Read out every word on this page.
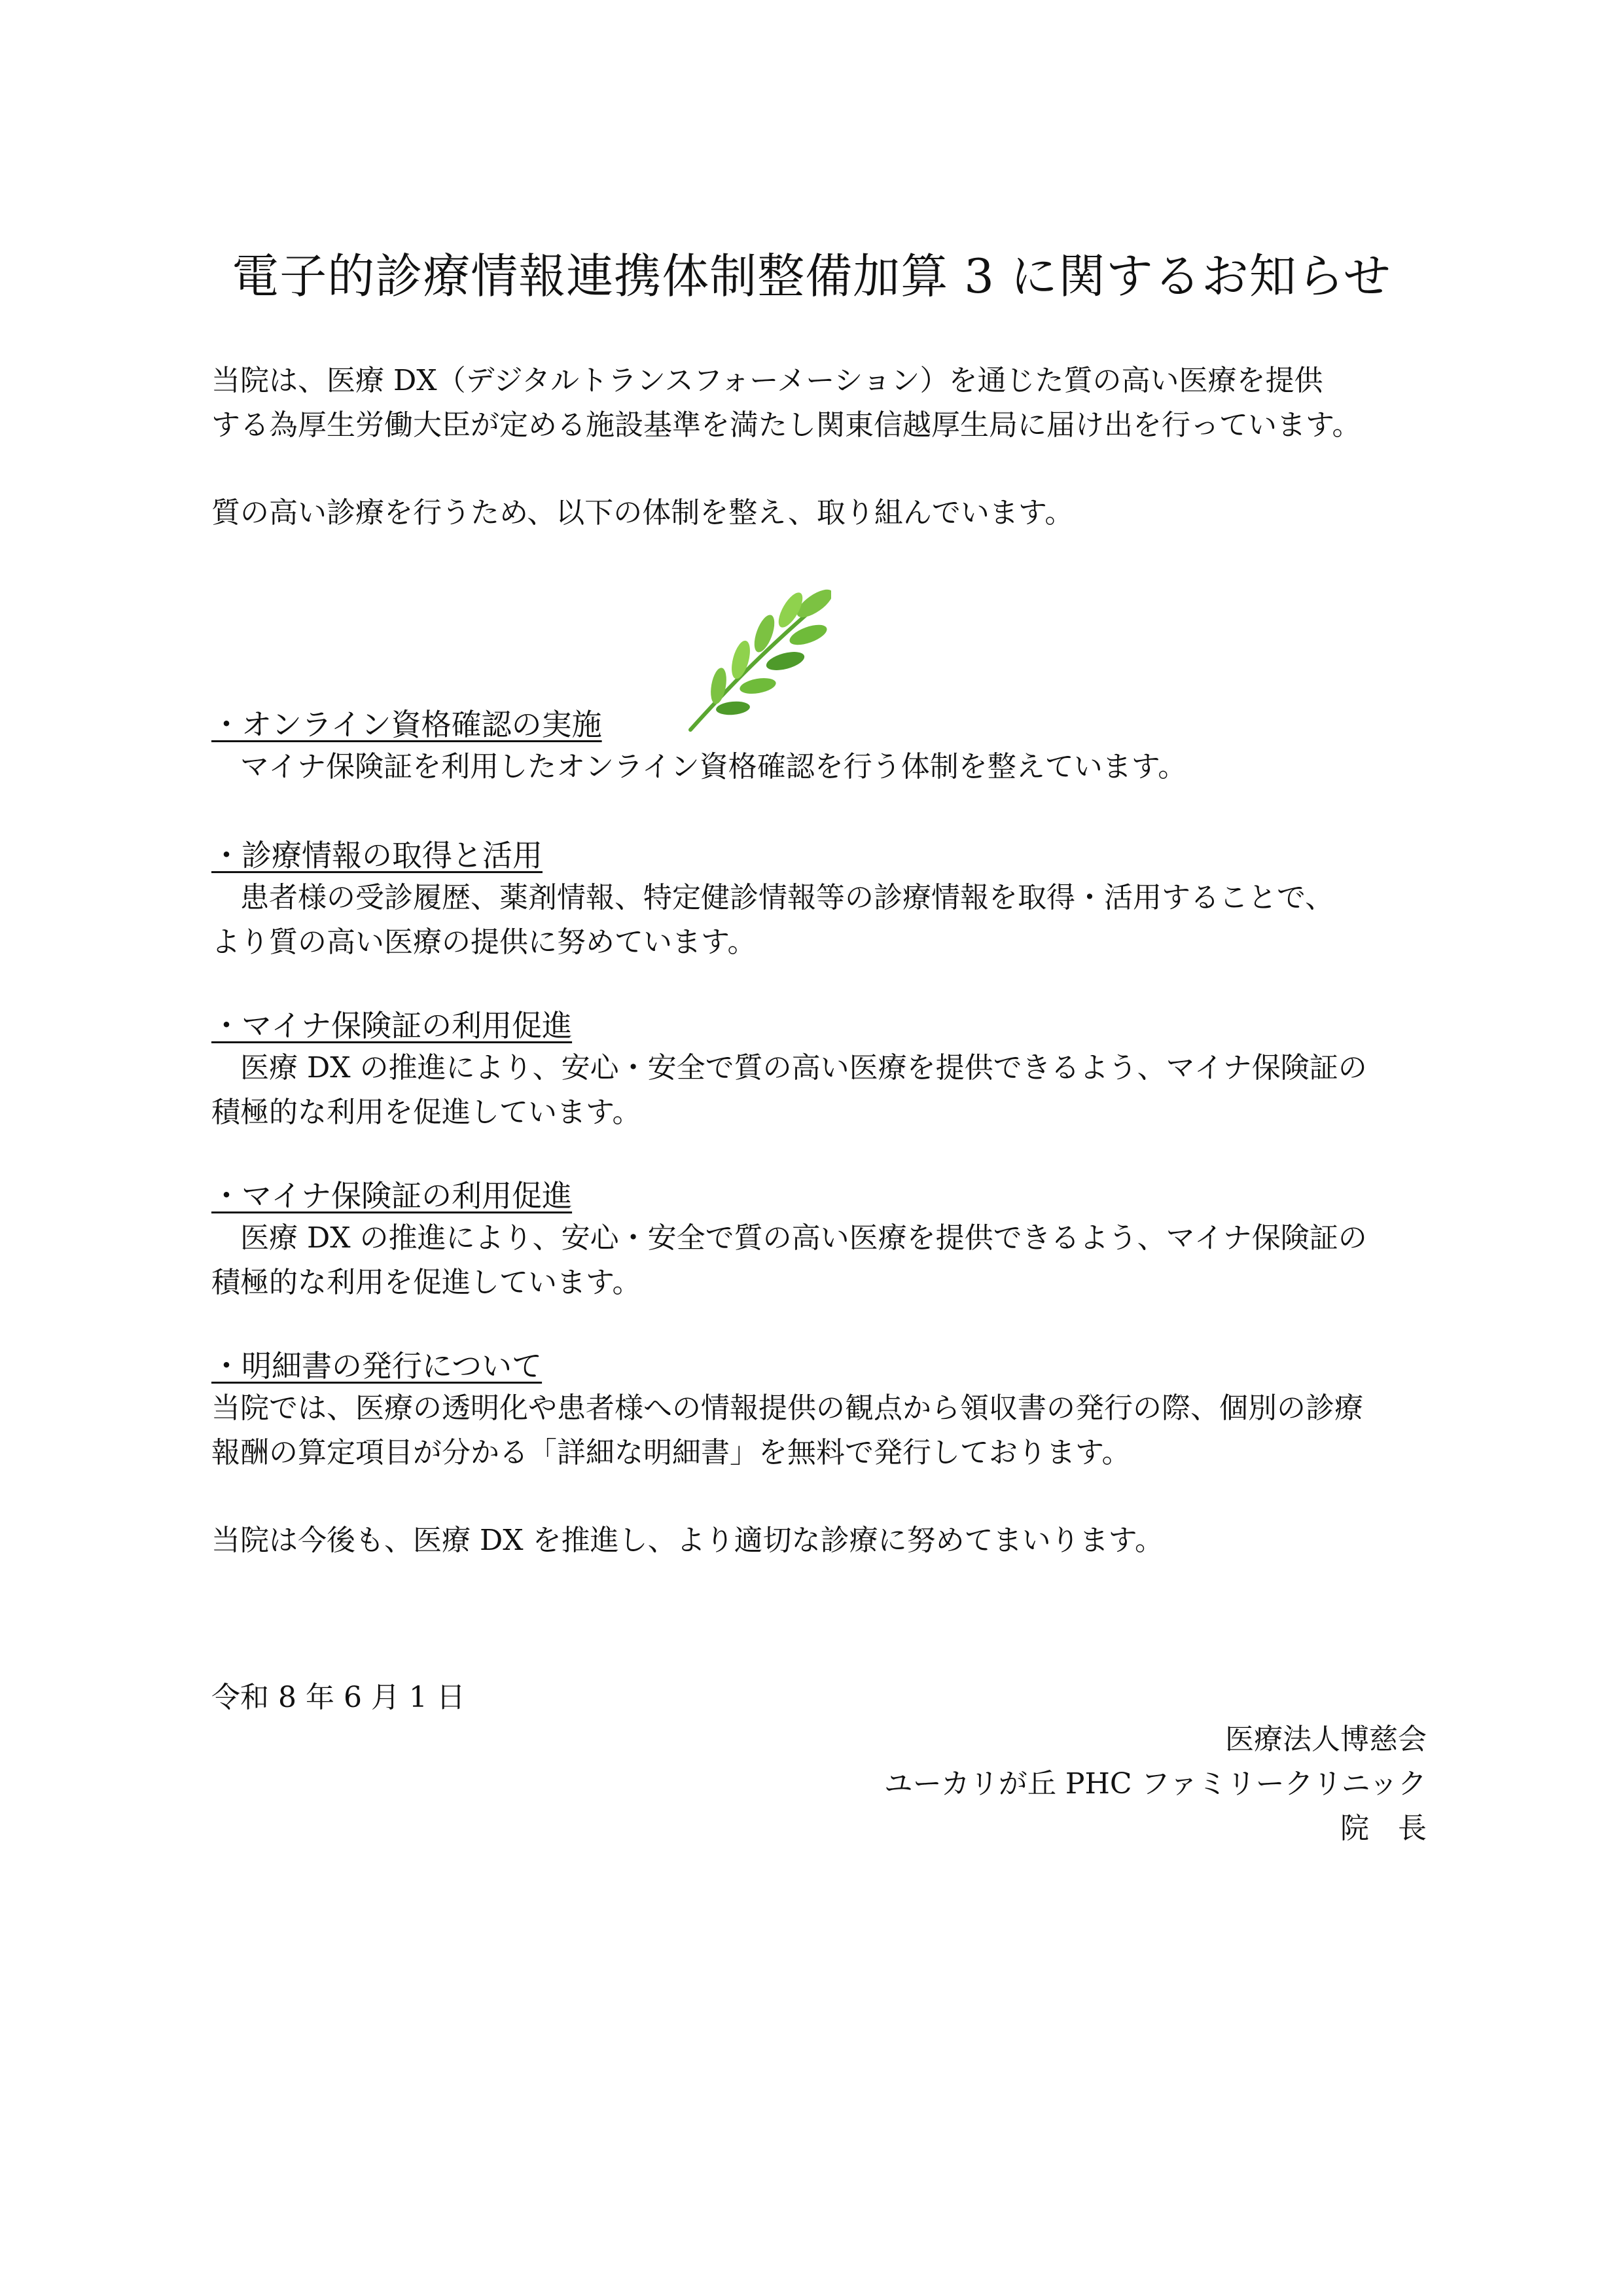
電子的診療情報連携体制整備加算 3 に関するお知らせ
当院は、医療 DX（デジタルトランスフォーメーション）を通じた質の高い医療を提供
する為厚生労働大臣が定める施設基準を満たし関東信越厚生局に届け出を行っています。
質の高い診療を行うため、以下の体制を整え、取り組んでいます。
・オンライン資格確認の実施
マイナ保険証を利用したオンライン資格確認を行う体制を整えています。
・診療情報の取得と活用
患者様の受診履歴、薬剤情報、特定健診情報等の診療情報を取得・活用することで、
より質の高い医療の提供に努めています。
・マイナ保険証の利用促進
医療 DX の推進により、安心・安全で質の高い医療を提供できるよう、マイナ保険証の
積極的な利用を促進しています。
・マイナ保険証の利用促進
医療 DX の推進により、安心・安全で質の高い医療を提供できるよう、マイナ保険証の
積極的な利用を促進しています。
・明細書の発行について
当院では、医療の透明化や患者様への情報提供の観点から領収書の発行の際、個別の診療
報酬の算定項目が分かる「詳細な明細書」を無料で発行しております。
当院は今後も、医療 DX を推進し、より適切な診療に努めてまいります。
令和 8 年 6 月 1 日
医療法人博慈会
ユーカリが丘 PHC ファミリークリニック
院　長
